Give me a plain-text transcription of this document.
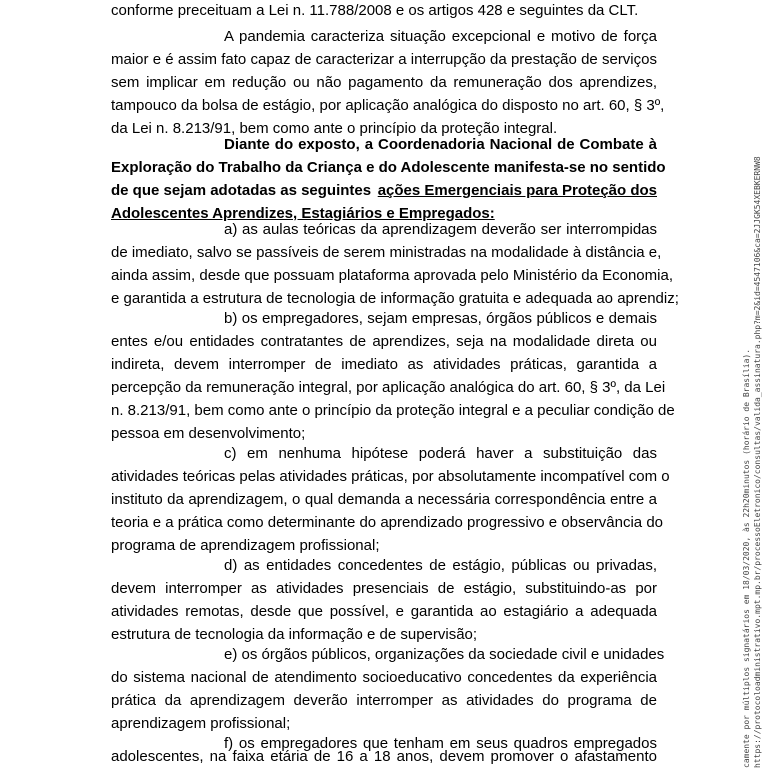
conforme preceituam a Lei n. 11.788/2008 e os artigos 428 e seguintes da CLT.
A pandemia caracteriza situação excepcional e motivo de força
maior e é assim fato capaz de caracterizar a interrupção da prestação de serviços
sem implicar em redução ou não pagamento da remuneração dos aprendizes,
tampouco da bolsa de estágio, por aplicação analógica do disposto no art. 60, § 3º,
da Lei n. 8.213/91, bem como ante o princípio da proteção integral.
Diante do exposto, a Coordenadoria Nacional de Combate à
Exploração do Trabalho da Criança e do Adolescente manifesta-se no sentido
de que sejam adotadas as seguintes ações Emergenciais para Proteção dos
Adolescentes Aprendizes, Estagiários e Empregados:
a) as aulas teóricas da aprendizagem deverão ser interrompidas
de imediato, salvo se passíveis de serem ministradas na modalidade à distância e,
ainda assim, desde que possuam plataforma aprovada pelo Ministério da Economia,
e garantida a estrutura de tecnologia de informação gratuita e adequada ao aprendiz;
b) os empregadores, sejam empresas, órgãos públicos e demais
entes e/ou entidades contratantes de aprendizes, seja na modalidade direta ou
indireta, devem interromper de imediato as atividades práticas, garantida a
percepção da remuneração integral, por aplicação analógica do art. 60, § 3º, da Lei
n. 8.213/91, bem como ante o princípio da proteção integral e a peculiar condição de
pessoa em desenvolvimento;
c) em nenhuma hipótese poderá haver a substituição das
atividades teóricas pelas atividades práticas, por absolutamente incompatível com o
instituto da aprendizagem, o qual demanda a necessária correspondência entre a
teoria e a prática como determinante do aprendizado progressivo e observância do
programa de aprendizagem profissional;
d) as entidades concedentes de estágio, públicas ou privadas,
devem interromper as atividades presenciais de estágio, substituindo-as por
atividades remotas, desde que possível, e garantida ao estagiário a adequada
estrutura de tecnologia da informação e de supervisão;
e) os órgãos públicos, organizações da sociedade civil e unidades
do sistema nacional de atendimento socioeducativo concedentes da experiência
prática da aprendizagem deverão interromper as atividades do programa de
aprendizagem profissional;
f) os empregadores que tenham em seus quadros empregados
adolescentes, na faixa etária de 16 a 18 anos, devem promover o afastamento	camente por múltiplos signatários em 18/03/2020, às 22h20minutos (horário de Brasília). https://protocoloadministrativo.mpt.mp.br/processoEletronico/consultas/valida_assinatura.php?m=2&id=4547106&ca=2JJGK54XEBKERNW8
